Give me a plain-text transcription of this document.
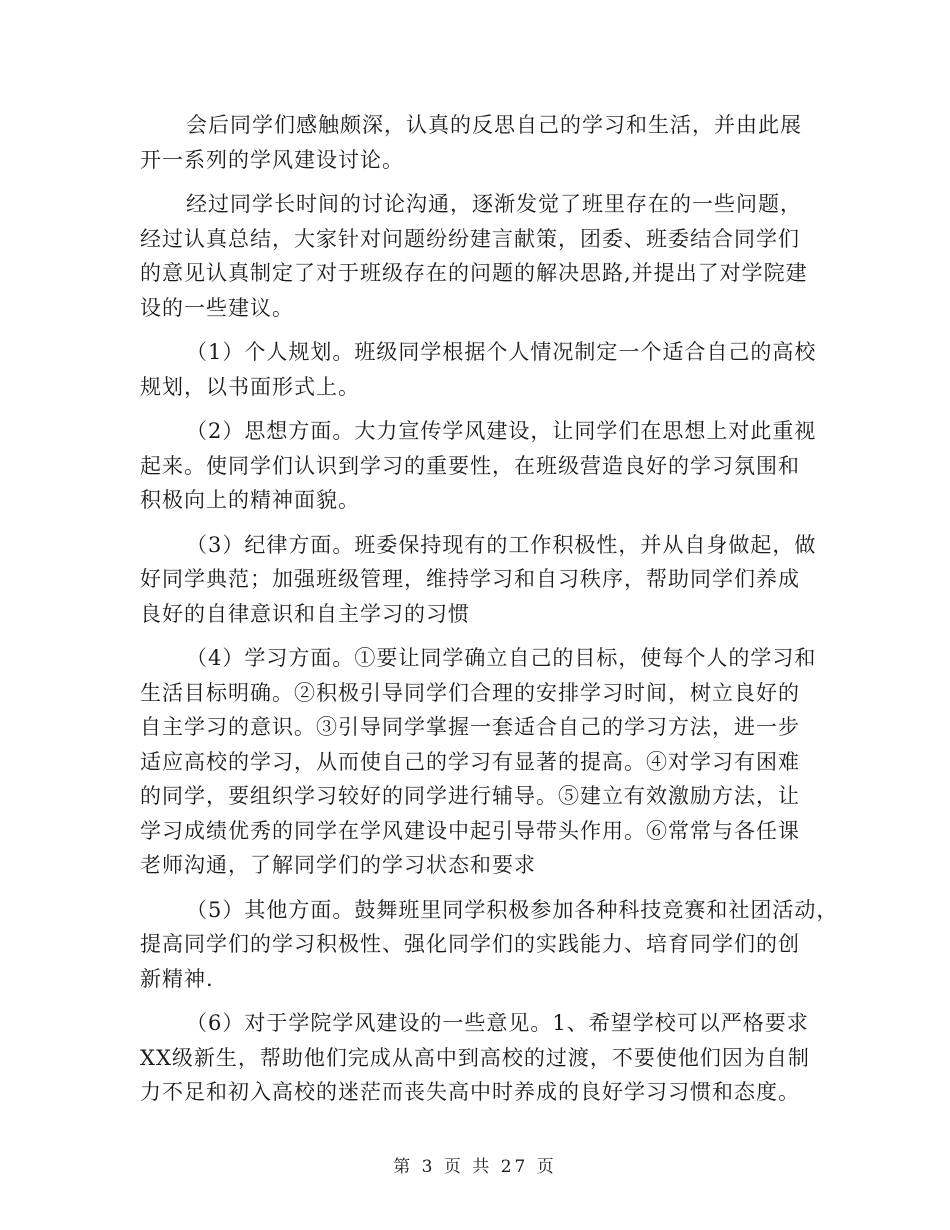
会后同学们感触颇深，认真的反思自己的学习和生活，并由此展
开一系列的学风建设讨论。
经过同学长时间的讨论沟通，逐渐发觉了班里存在的一些问题，
经过认真总结，大家针对问题纷纷建言献策，团委、班委结合同学们
的意见认真制定了对于班级存在的问题的解决思路,并提出了对学院建
设的一些建议。
（1）个人规划。班级同学根据个人情况制定一个适合自己的高校
规划，以书面形式上。
（2）思想方面。大力宣传学风建设，让同学们在思想上对此重视
起来。使同学们认识到学习的重要性，在班级营造良好的学习氛围和
积极向上的精神面貌。
（3）纪律方面。班委保持现有的工作积极性，并从自身做起，做
好同学典范；加强班级管理，维持学习和自习秩序，帮助同学们养成
良好的自律意识和自主学习的习惯
（4）学习方面。①要让同学确立自己的目标，使每个人的学习和
生活目标明确。②积极引导同学们合理的安排学习时间，树立良好的
自主学习的意识。③引导同学掌握一套适合自己的学习方法，进一步
适应高校的学习，从而使自己的学习有显著的提高。④对学习有困难
的同学，要组织学习较好的同学进行辅导。⑤建立有效激励方法，让
学习成绩优秀的同学在学风建设中起引导带头作用。⑥常常与各任课
老师沟通，了解同学们的学习状态和要求
（5）其他方面。鼓舞班里同学积极参加各种科技竞赛和社团活动，
提高同学们的学习积极性、强化同学们的实践能力、培育同学们的创
新精神.
（6）对于学院学风建设的一些意见。1、希望学校可以严格要求
XX级新生，帮助他们完成从高中到高校的过渡，不要使他们因为自制
力不足和初入高校的迷茫而丧失高中时养成的良好学习习惯和态度。
第 3 页 共 27 页
